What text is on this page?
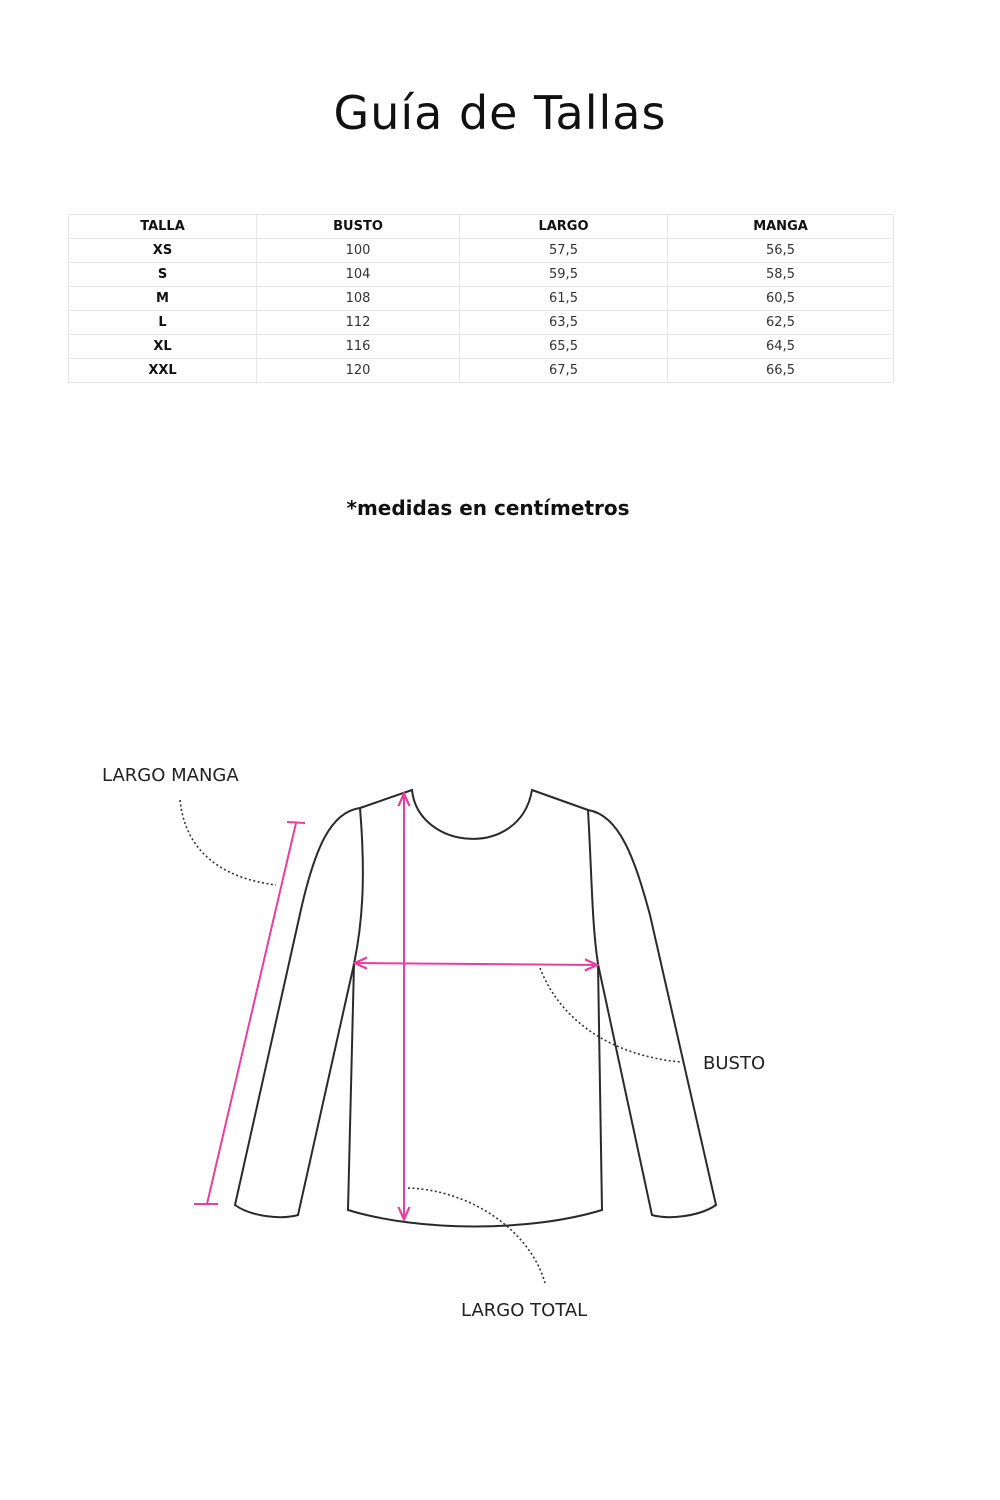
Guía de Tallas
TALLA	BUSTO	LARGO	MANGA
XS	100	57,5	56,5
S	104	59,5	58,5
M	108	61,5	60,5
L	112	63,5	62,5
XL	116	65,5	64,5
XXL	120	67,5	66,5
*medidas en centímetros
LARGO MANGA
BUSTO
LARGO TOTAL
